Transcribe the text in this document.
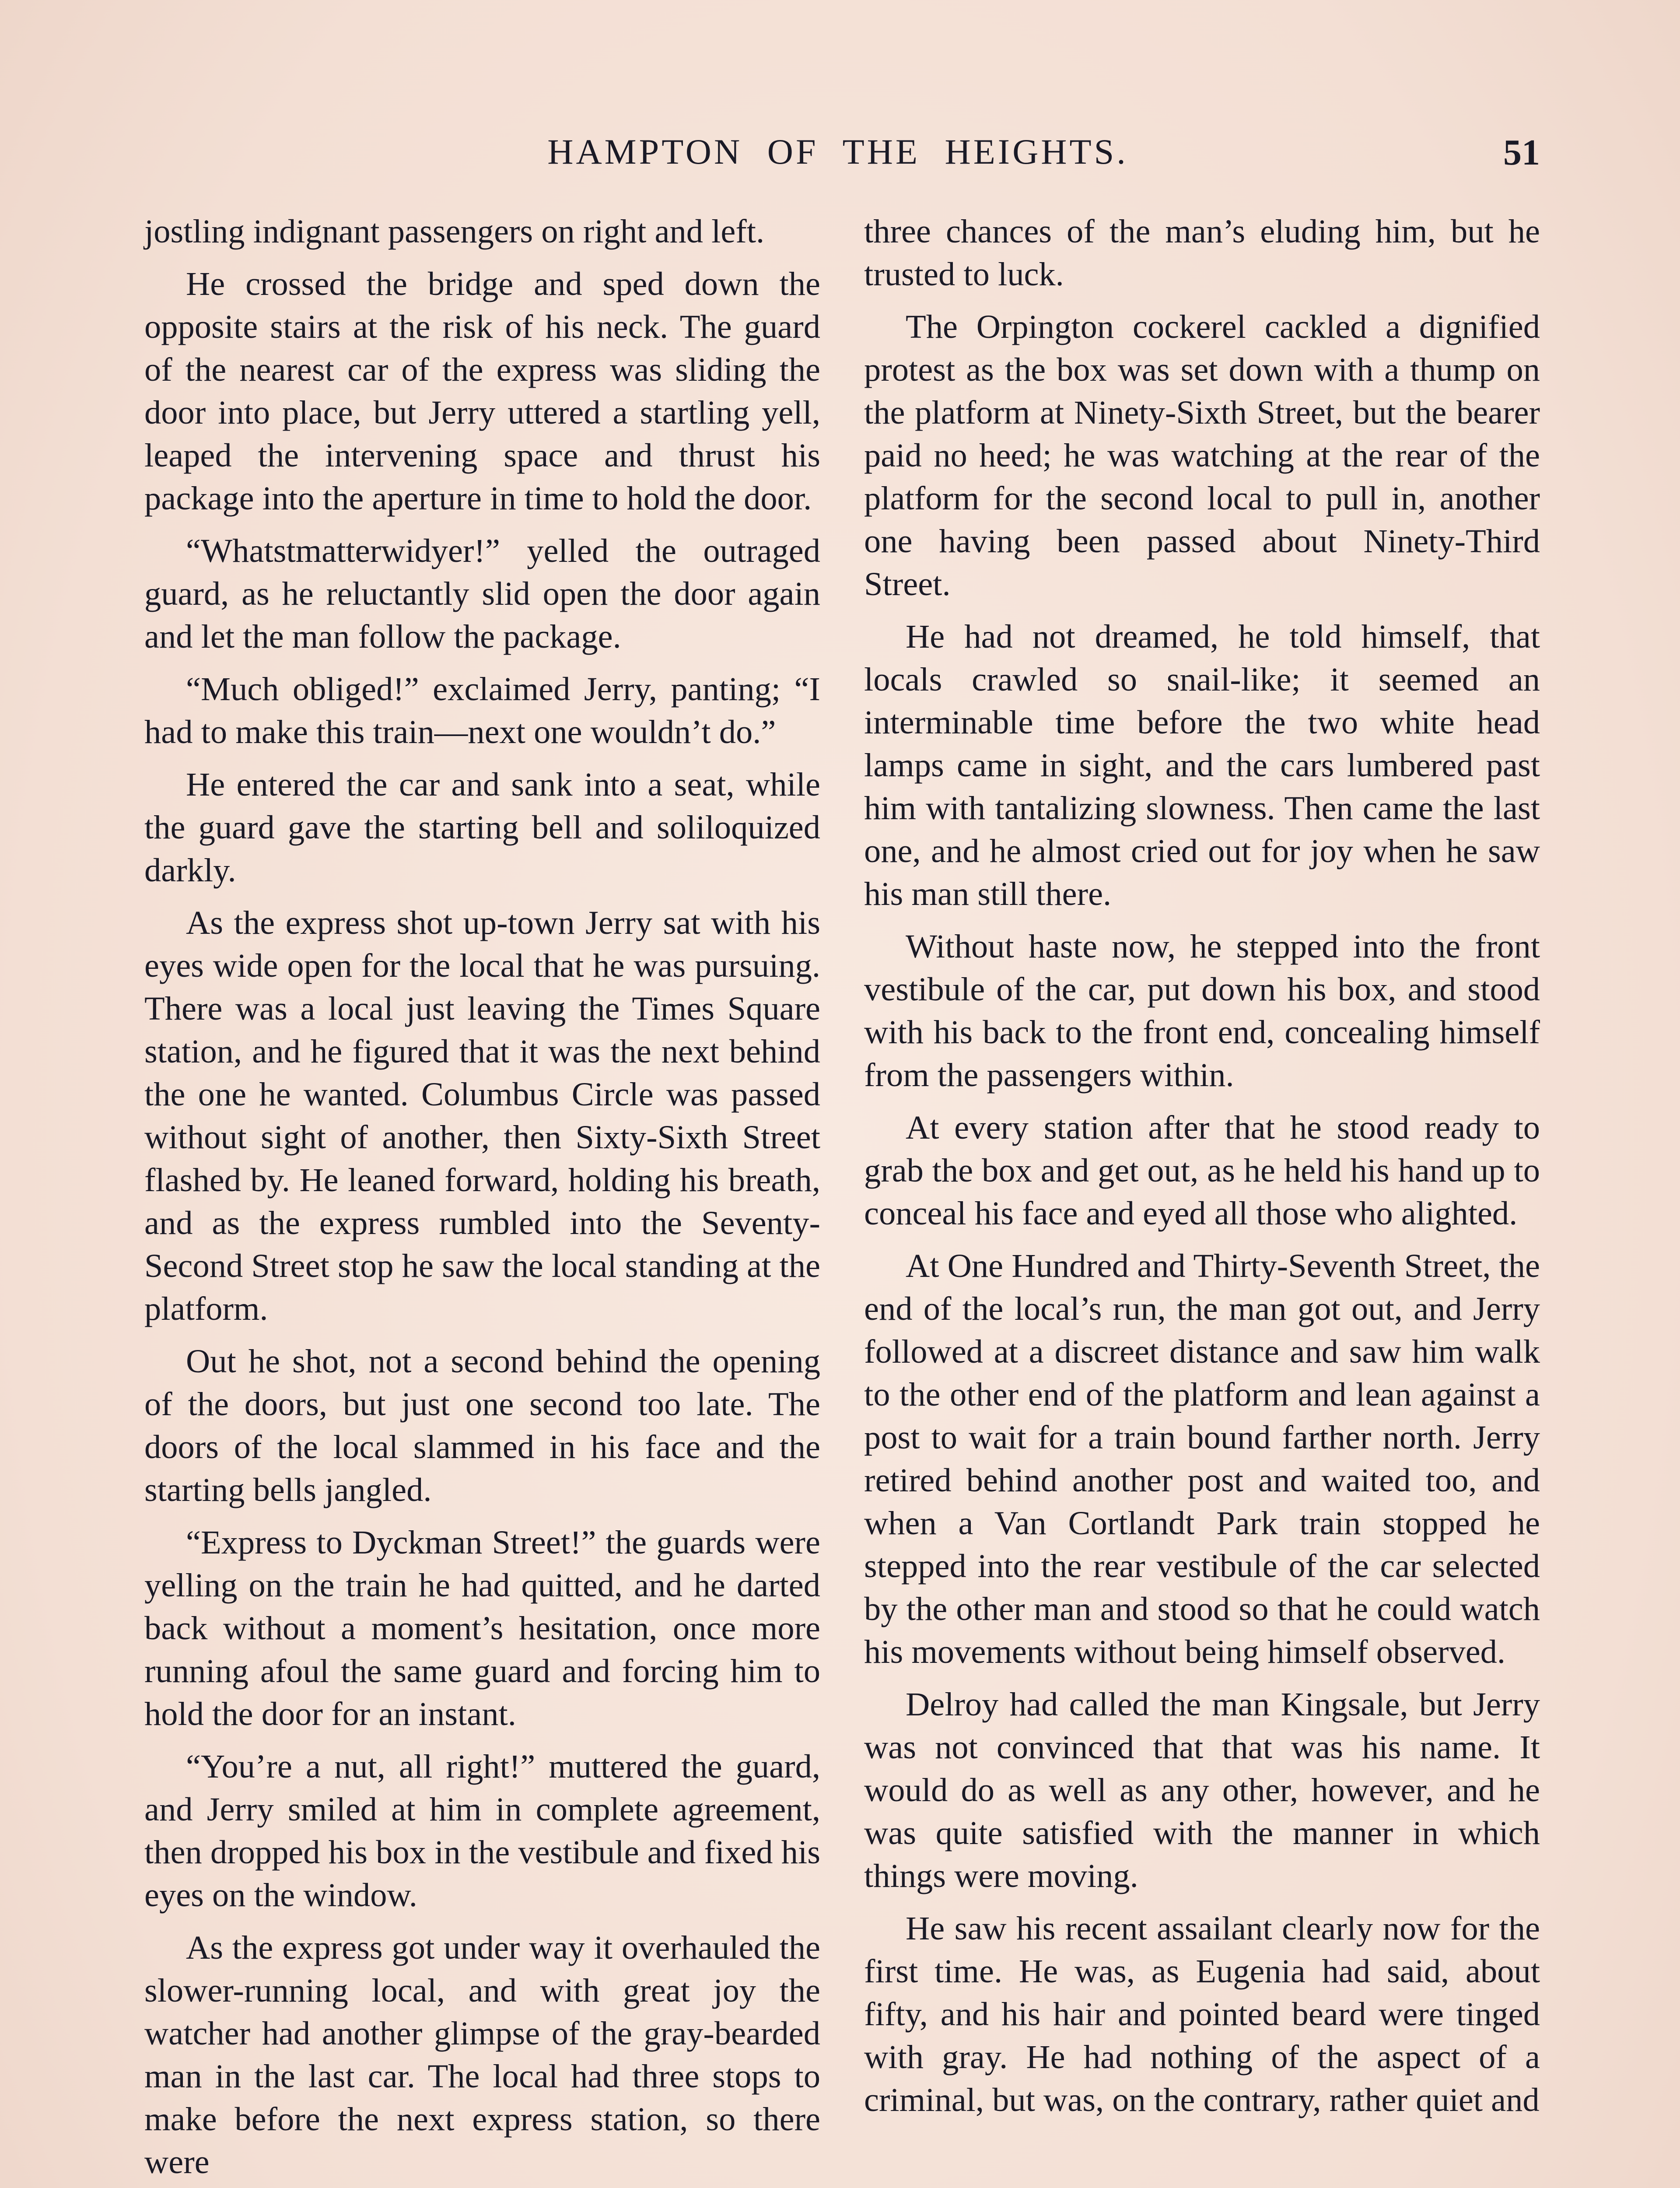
HAMPTON OF THE HEIGHTS.	51

jostling indignant passengers on right and left.

He crossed the bridge and sped down the opposite stairs at the risk of his neck. The guard of the nearest car of the express was sliding the door into place, but Jerry uttered a startling yell, leaped the intervening space and thrust his package into the aperture in time to hold the door.

“Whatstmatterwidyer!” yelled the outraged guard, as he reluctantly slid open the door again and let the man follow the package.

“Much obliged!” exclaimed Jerry, panting; “I had to make this train—next one wouldn’t do.”

He entered the car and sank into a seat, while the guard gave the starting bell and soliloquized darkly.

As the express shot up-town Jerry sat with his eyes wide open for the local that he was pursuing. There was a local just leaving the Times Square station, and he figured that it was the next behind the one he wanted. Columbus Circle was passed without sight of another, then Sixty-Sixth Street flashed by. He leaned forward, holding his breath, and as the express rumbled into the Seventy-Second Street stop he saw the local standing at the platform.

Out he shot, not a second behind the opening of the doors, but just one second too late. The doors of the local slammed in his face and the starting bells jangled.

“Express to Dyckman Street!” the guards were yelling on the train he had quitted, and he darted back without a moment’s hesitation, once more running afoul the same guard and forcing him to hold the door for an instant.

“You’re a nut, all right!” muttered the guard, and Jerry smiled at him in complete agreement, then dropped his box in the vestibule and fixed his eyes on the window.

As the express got under way it overhauled the slower-running local, and with great joy the watcher had another glimpse of the gray-bearded man in the last car. The local had three stops to make before the next express station, so there were

three chances of the man’s eluding him, but he trusted to luck.

The Orpington cockerel cackled a dignified protest as the box was set down with a thump on the platform at Ninety-Sixth Street, but the bearer paid no heed; he was watching at the rear of the platform for the second local to pull in, another one having been passed about Ninety-Third Street.

He had not dreamed, he told himself, that locals crawled so snail-like; it seemed an interminable time before the two white head lamps came in sight, and the cars lumbered past him with tantalizing slowness. Then came the last one, and he almost cried out for joy when he saw his man still there.

Without haste now, he stepped into the front vestibule of the car, put down his box, and stood with his back to the front end, concealing himself from the passengers within.

At every station after that he stood ready to grab the box and get out, as he held his hand up to conceal his face and eyed all those who alighted.

At One Hundred and Thirty-Seventh Street, the end of the local’s run, the man got out, and Jerry followed at a discreet distance and saw him walk to the other end of the platform and lean against a post to wait for a train bound farther north. Jerry retired behind another post and waited too, and when a Van Cortlandt Park train stopped he stepped into the rear vestibule of the car selected by the other man and stood so that he could watch his movements without being himself observed.

Delroy had called the man Kingsale, but Jerry was not convinced that that was his name. It would do as well as any other, however, and he was quite satisfied with the manner in which things were moving.

He saw his recent assailant clearly now for the first time. He was, as Eugenia had said, about fifty, and his hair and pointed beard were tinged with gray. He had nothing of the aspect of a criminal, but was, on the contrary, rather quiet and
